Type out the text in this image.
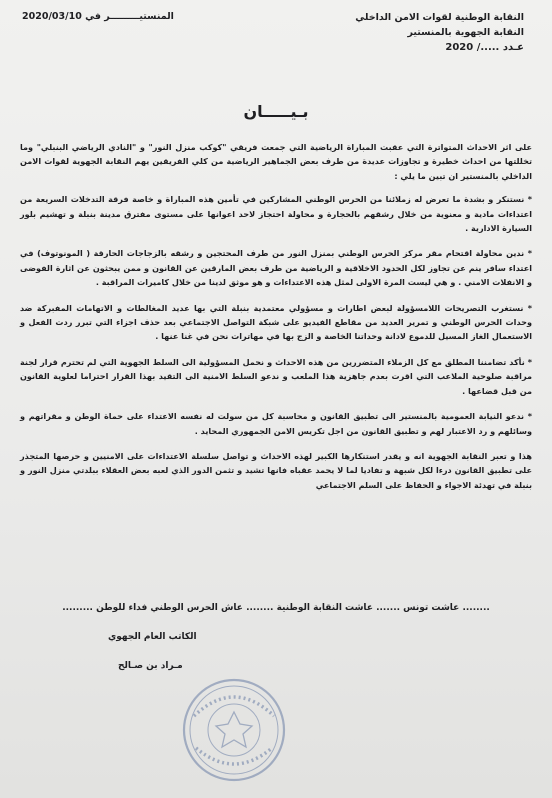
النقابة الوطنية لقوات الامن الداخلي
النقابة الجهوية بالمنستير
عـدد ...../ 2020
المنستيـــــــــر في 2020/03/10
بـيـــــان

على اثر الاحداث المتواترة التي عقبت المباراة الرياضية التي جمعت فريقي "كوكب منزل النور" و "النادي الرياضي البنبلي" وما تخللتها من احداث خطيرة و تجاوزات عديدة من طرف بعض الجماهير الرياضية من كلي الفريقين يهم النقابة الجهوية لقوات الامن الداخلي بالمنستير ان تبين ما يلي :

* نستنكر و بشدة ما تعرض له زملائنا من الحرس الوطني المشاركين في تأمين هذه المباراة و خاصة فرقة التدخلات السريعة من اعتداءات مادية و معنوية من خلال رشقهم بالحجارة و محاولة احتجاز لاحد اعوانها على مستوى مفترق مدينة بنبلة و تهشيم بلور السيارة الادارية .

* ندين محاولة اقتحام مقر مركز الحرس الوطني بمنزل النور من طرف المحتجين و رشقه بالزجاجات الحارقة ( المونوتوف) في اعتداء سافر ينم عن تجاوز لكل الحدود الاخلاقية و الرياضية من طرف بعض المارقين عن القانون و ممن يبحثون عن اثارة الفوضى و الانفلات الامني . و هي ليست المرة الاولى لمثل هذه الاعتداءات و هو موثق لدينا من خلال كاميرات المراقبة .

* نستغرب التصريحات اللامسؤولة لبعض اطارات و مسؤولي معتمدية بنبلة التي بها عديد المغالطات و الاتهامات المفبركة ضد وحدات الحرس الوطني و تمرير العديد من مقاطع الفيديو على شبكة التواصل الاجتماعي بعد حذف اجزاء التي تبرر ردت الفعل و الاستعمال الغاز المسيل للدموع لادانة وحداتنا الخاصة و الزج بها في مهاترات نحن في غنا عنها .

* نأكد تضامننا المطلق مع كل الزملاء المتضررين من هذه الاحداث و نحمل المسؤولية الى السلط الجهوية التي لم تحترم قرار لجنة مراقبة صلوحية الملاعب التي اقرت بعدم جاهزية هذا الملعب و ندعو السلط الامنية الى التقيد بهذا القرار احتراما لعلوية القانون من قبل قضاعها .

* ندعو النيابة العمومية بالمنستير الى تطبيق القانون و محاسبة كل من سولت له نفسه الاعتداء على حماة الوطن و مقراتهم و وسائلهم و رد الاعتبار لهم و تطبيق القانون من اجل تكريس الامن الجمهوري المحايد .

هذا و تعبر النقابة الجهوية انه و يقدر استنكارها الكبير لهذه الاحداث و تواصل سلسلة الاعتداءات على الامنيين و حرصها المتجذر على تطبيق القانون درءا لكل شبهة و تفاديا لما لا يحمد عقباه فانها تشيد و تثمن الدور الذي لعبه بعض العقلاء ببلدتي منزل النور و بنبلة في تهدئة الاجواء و الحفاظ على السلم الاجتماعي

........ عاشت تونس ....... عاشت النقابة الوطنية ........ عاش الحرس الوطني فداء للوطن .........
الكاتب العام الجهوي
مـراد بن صـالح
